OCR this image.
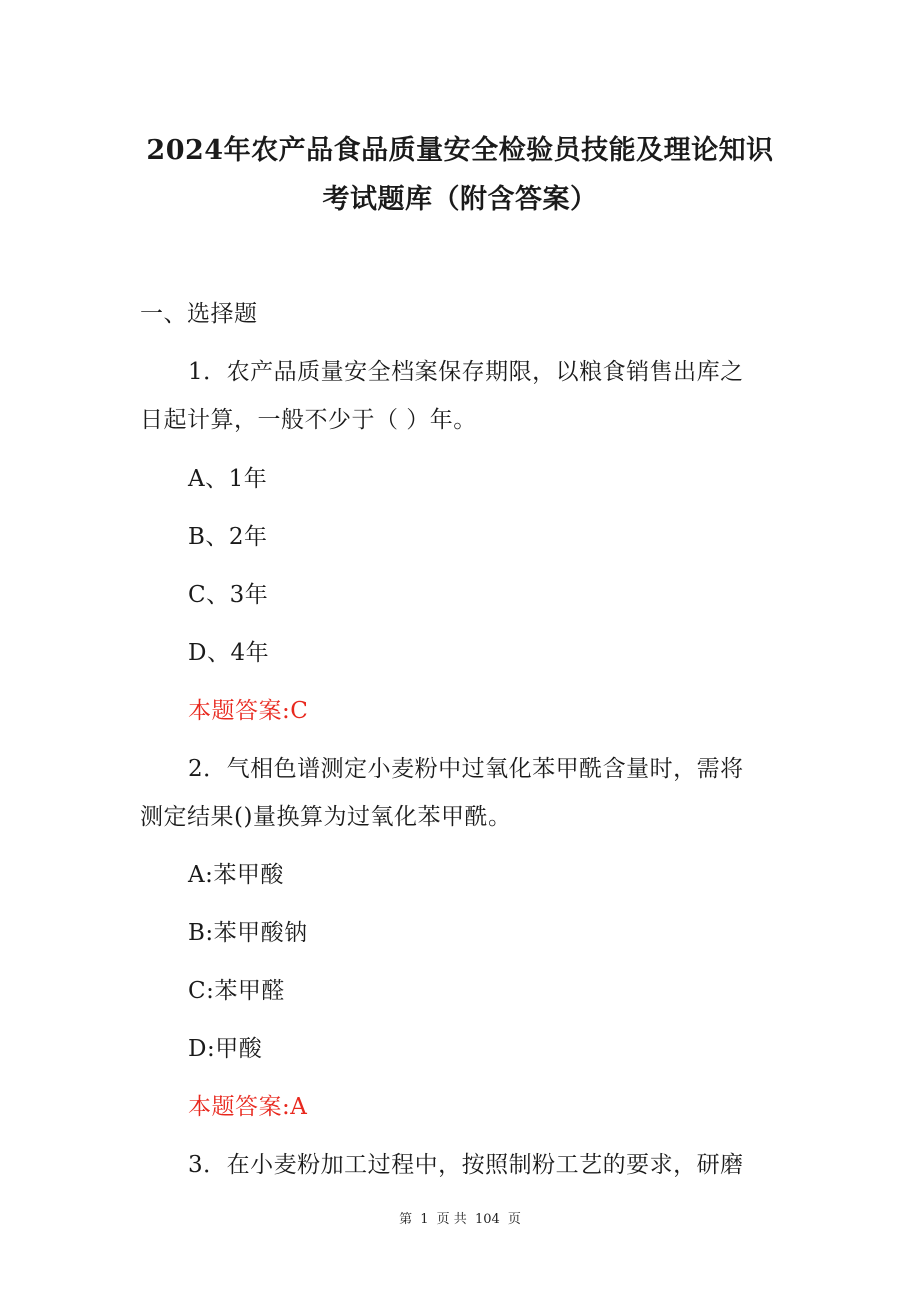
2024年农产品食品质量安全检验员技能及理论知识
考试题库（附含答案）
一、选择题
1．农产品质量安全档案保存期限，以粮食销售出库之
日起计算，一般不少于（ ）年。
A、1年
B、2年
C、3年
D、4年
本题答案:C
2．气相色谱测定小麦粉中过氧化苯甲酰含量时，需将
测定结果()量换算为过氧化苯甲酰。
A:苯甲酸
B:苯甲酸钠
C:苯甲醛
D:甲酸
本题答案:A
3．在小麦粉加工过程中，按照制粉工艺的要求，研磨
第 1 页 共 104 页
